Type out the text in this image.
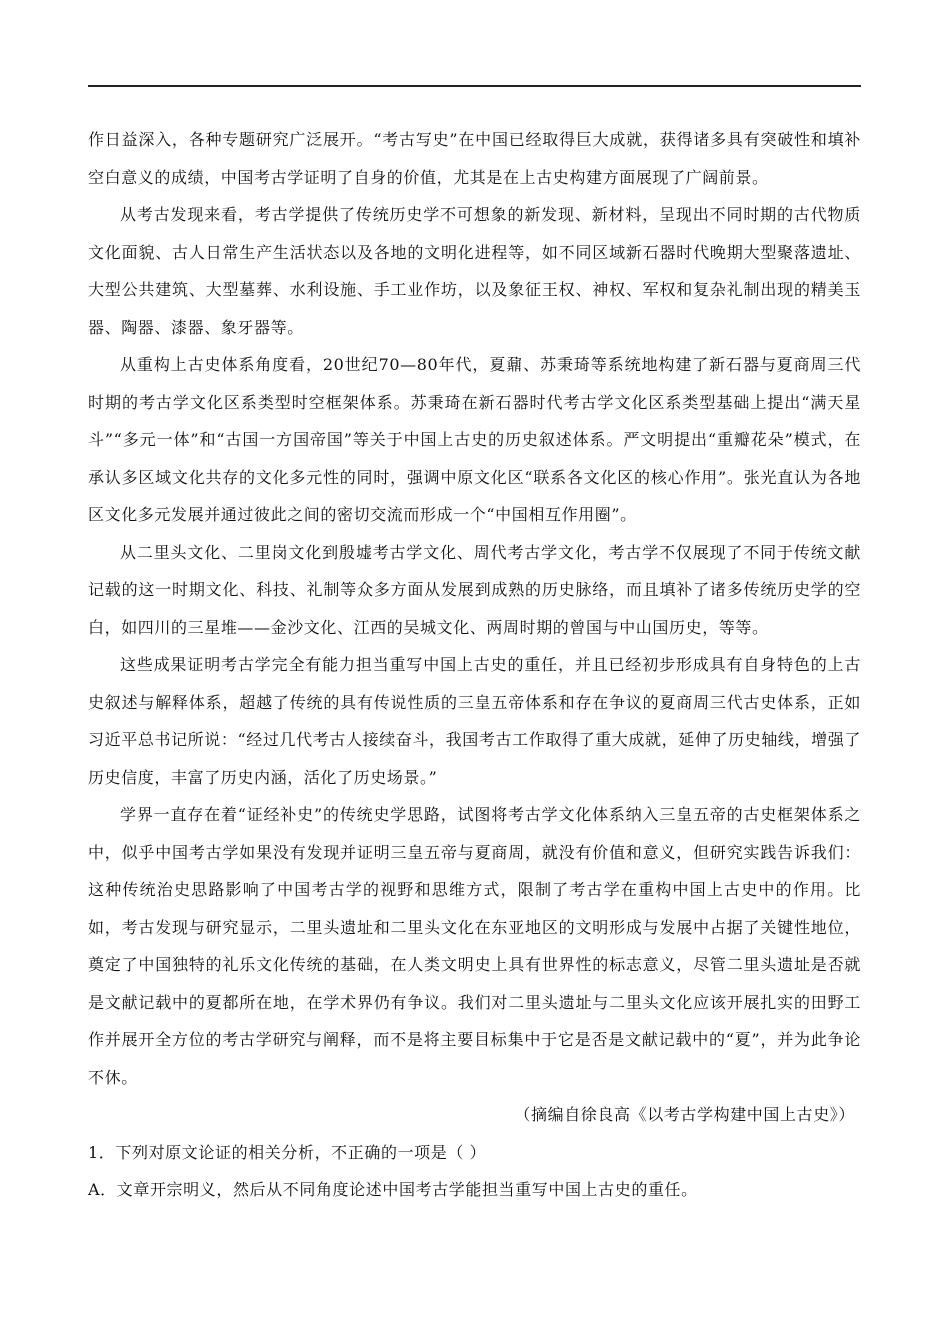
作日益深入，各种专题研究广泛展开。“考古写史”在中国已经取得巨大成就，获得诸多具有突破性和填补空白意义的成绩，中国考古学证明了自身的价值，尤其是在上古史构建方面展现了广阔前景。

从考古发现来看，考古学提供了传统历史学不可想象的新发现、新材料，呈现出不同时期的古代物质文化面貌、古人日常生产生活状态以及各地的文明化进程等，如不同区域新石器时代晚期大型聚落遗址、大型公共建筑、大型墓葬、水利设施、手工业作坊，以及象征王权、神权、军权和复杂礼制出现的精美玉器、陶器、漆器、象牙器等。

从重构上古史体系角度看，20世纪70—80年代，夏鼐、苏秉琦等系统地构建了新石器与夏商周三代时期的考古学文化区系类型时空框架体系。苏秉琦在新石器时代考古学文化区系类型基础上提出“满天星斗”“多元一体”和“古国一方国帝国”等关于中国上古史的历史叙述体系。严文明提出“重瓣花朵”模式，在承认多区域文化共存的文化多元性的同时，强调中原文化区“联系各文化区的核心作用”。张光直认为各地区文化多元发展并通过彼此之间的密切交流而形成一个“中国相互作用圈”。

从二里头文化、二里岗文化到殷墟考古学文化、周代考古学文化，考古学不仅展现了不同于传统文献记载的这一时期文化、科技、礼制等众多方面从发展到成熟的历史脉络，而且填补了诸多传统历史学的空白，如四川的三星堆——金沙文化、江西的吴城文化、两周时期的曾国与中山国历史，等等。

这些成果证明考古学完全有能力担当重写中国上古史的重任，并且已经初步形成具有自身特色的上古史叙述与解释体系，超越了传统的具有传说性质的三皇五帝体系和存在争议的夏商周三代古史体系，正如习近平总书记所说：“经过几代考古人接续奋斗，我国考古工作取得了重大成就，延伸了历史轴线，增强了历史信度，丰富了历史内涵，活化了历史场景。”

学界一直存在着“证经补史”的传统史学思路，试图将考古学文化体系纳入三皇五帝的古史框架体系之中，似乎中国考古学如果没有发现并证明三皇五帝与夏商周，就没有价值和意义，但研究实践告诉我们：这种传统治史思路影响了中国考古学的视野和思维方式，限制了考古学在重构中国上古史中的作用。比如，考古发现与研究显示，二里头遗址和二里头文化在东亚地区的文明形成与发展中占据了关键性地位，奠定了中国独特的礼乐文化传统的基础，在人类文明史上具有世界性的标志意义，尽管二里头遗址是否就是文献记载中的夏都所在地，在学术界仍有争议。我们对二里头遗址与二里头文化应该开展扎实的田野工作并展开全方位的考古学研究与阐释，而不是将主要目标集中于它是否是文献记载中的“夏”，并为此争论不休。

（摘编自徐良高《以考古学构建中国上古史》）

1．下列对原文论证的相关分析，不正确的一项是（ ）

A．文章开宗明义，然后从不同角度论述中国考古学能担当重写中国上古史的重任。
